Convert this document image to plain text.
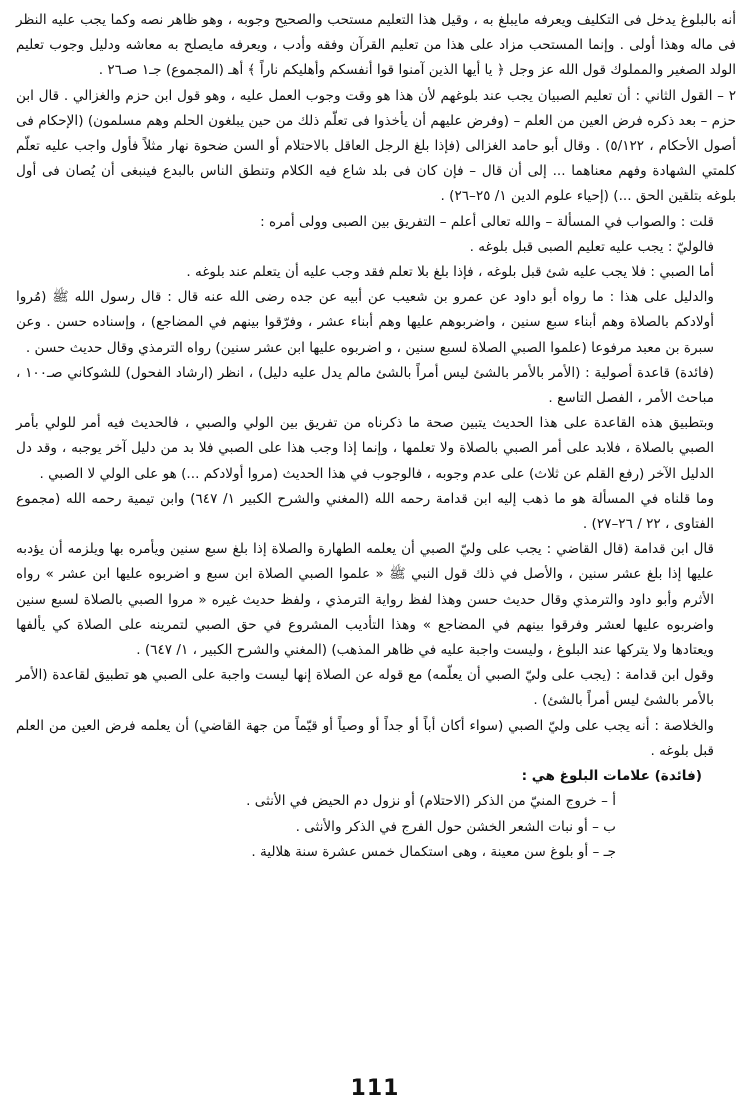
أنه بالبلوغ يدخل فى التكليف ويعرفه مايبلغ به ، وقيل هذا التعليم مستحب والصحيح وجوبه ، وهو ظاهر نصه وكما يجب عليه النظر فى ماله وهذا أولى . وإنما المستحب مزاد على هذا من تعليم القرآن وفقه وأدب ، ويعرفه مايصلح به معاشه ودليل وجوب تعليم الولد الصغير والمملوك قول الله عز وجل ﴿ يا أيها الذين آمنوا قوا أنفسكم وأهليكم ناراً ﴾ أهـ (المجموع) جـ١ صـ٢٦ .

٢ – القول الثاني : أن تعليم الصبيان يجب عند بلوغهم لأن هذا هو وقت وجوب العمل عليه ، وهو قول ابن حزم والغزالي . قال ابن حزم – بعد ذكره فرض العين من العلم – (وفرض عليهم أن يأخذوا فى تعلّم ذلك من حين يبلغون الحلم وهم مسلمون) (الإحكام فى أصول الأحكام ، ٥/١٢٢) . وقال أبو حامد الغزالى (فإذا بلغ الرجل العاقل بالاحتلام أو السن ضحوة نهار مثلاً فأول واجب عليه تعلّم كلمتي الشهادة وفهم معناهما ... إلى أن قال – فإن كان فى بلد شاع فيه الكلام وتنطق الناس بالبدع فينبغى أن يُصان فى أول بلوغه بتلقين الحق ...) (إحياء علوم الدين ١/ ٢٥–٢٦) .

قلت : والصواب في المسألة – والله تعالى أعلم – التفريق بين الصبى وولى أمره :

فالوليّ : يجب عليه تعليم الصبى قبل بلوغه .

أما الصبي : فلا يجب عليه شئ قبل بلوغه ، فإذا بلغ بلا تعلم فقد وجب عليه أن يتعلم عند بلوغه .

والدليل على هذا : ما رواه أبو داود عن عمرو بن شعيب عن أبيه عن جده رضى الله عنه قال : قال رسول الله ﷺ (مُروا أولادكم بالصلاة وهم أبناء سبع سنين ، واضربوهم عليها وهم أبناء عشر ، وفرّقوا بينهم في المضاجع) ، وإسناده حسن . وعن سبرة بن معبد مرفوعا (علموا الصبي الصلاة لسبع سنين ، و اضربوه عليها ابن عشر سنين) رواه الترمذي وقال حديث حسن .

(فائدة) قاعدة أصولية : (الأمر بالأمر بالشئ ليس أمراً بالشئ مالم يدل عليه دليل) ، انظر (ارشاد الفحول) للشوكاني صـ١٠٠ ، مباحث الأمر ، الفصل التاسع .

وبتطبيق هذه القاعدة على هذا الحديث يتبين صحة ما ذكرناه من تفريق بين الولي والصبي ، فالحديث فيه أمر للولي بأمر الصبي بالصلاة ، فلابد على أمر الصبي بالصلاة ولا تعلمها ، وإنما إذا وجب هذا على الصبي فلا بد من دليل آخر يوجبه ، وقد دل الدليل الآخر (رفع القلم عن ثلاث) على عدم وجوبه ، فالوجوب في هذا الحديث (مروا أولادكم ...) هو على الولي لا الصبي .

وما قلناه في المسألة هو ما ذهب إليه ابن قدامة رحمه الله (المغني والشرح الكبير ١/ ٦٤٧) وابن تيمية رحمه الله (مجموع الفتاوى ، ٢٢ / ٢٦–٢٧) .

قال ابن قدامة (قال القاضي : يجب على وليّ الصبي أن يعلمه الطهارة والصلاة إذا بلغ سبع سنين ويأمره بها ويلزمه أن يؤدبه عليها إذا بلغ عشر سنين ، والأصل في ذلك قول النبي ﷺ « علموا الصبي الصلاة ابن سبع و اضربوه عليها ابن عشر » رواه الأثرم وأبو داود والترمذي وقال حديث حسن وهذا لفظ رواية الترمذي ، ولفظ حديث غيره « مروا الصبي بالصلاة لسبع سنين واضربوه عليها لعشر وفرقوا بينهم في المضاجع » وهذا التأديب المشروع في حق الصبي لتمرينه على الصلاة كي يألفها ويعتادها ولا يتركها عند البلوغ ، وليست واجبة عليه في ظاهر المذهب) (المغني والشرح الكبير ، ١/ ٦٤٧) .

وقول ابن قدامة : (يجب على وليّ الصبي أن يعلّمه) مع قوله عن الصلاة إنها ليست واجبة على الصبي هو تطبيق لقاعدة (الأمر بالأمر بالشئ ليس أمراً بالشئ) .

والخلاصة : أنه يجب على وليّ الصبي (سواء أكان أباً أو جداً أو وصياً أو قيّماً من جهة القاضي) أن يعلمه فرض العين من العلم قبل بلوغه .

(فائدة) علامات البلوغ هي :

أ – خروج المنيّ من الذكر (الاحتلام) أو نزول دم الحيض في الأنثى .

ب – أو نبات الشعر الخشن حول الفرج في الذكر والأنثى .

جـ – أو بلوغ سن معينة ، وهى استكمال خمس عشرة سنة هلالية .

111
